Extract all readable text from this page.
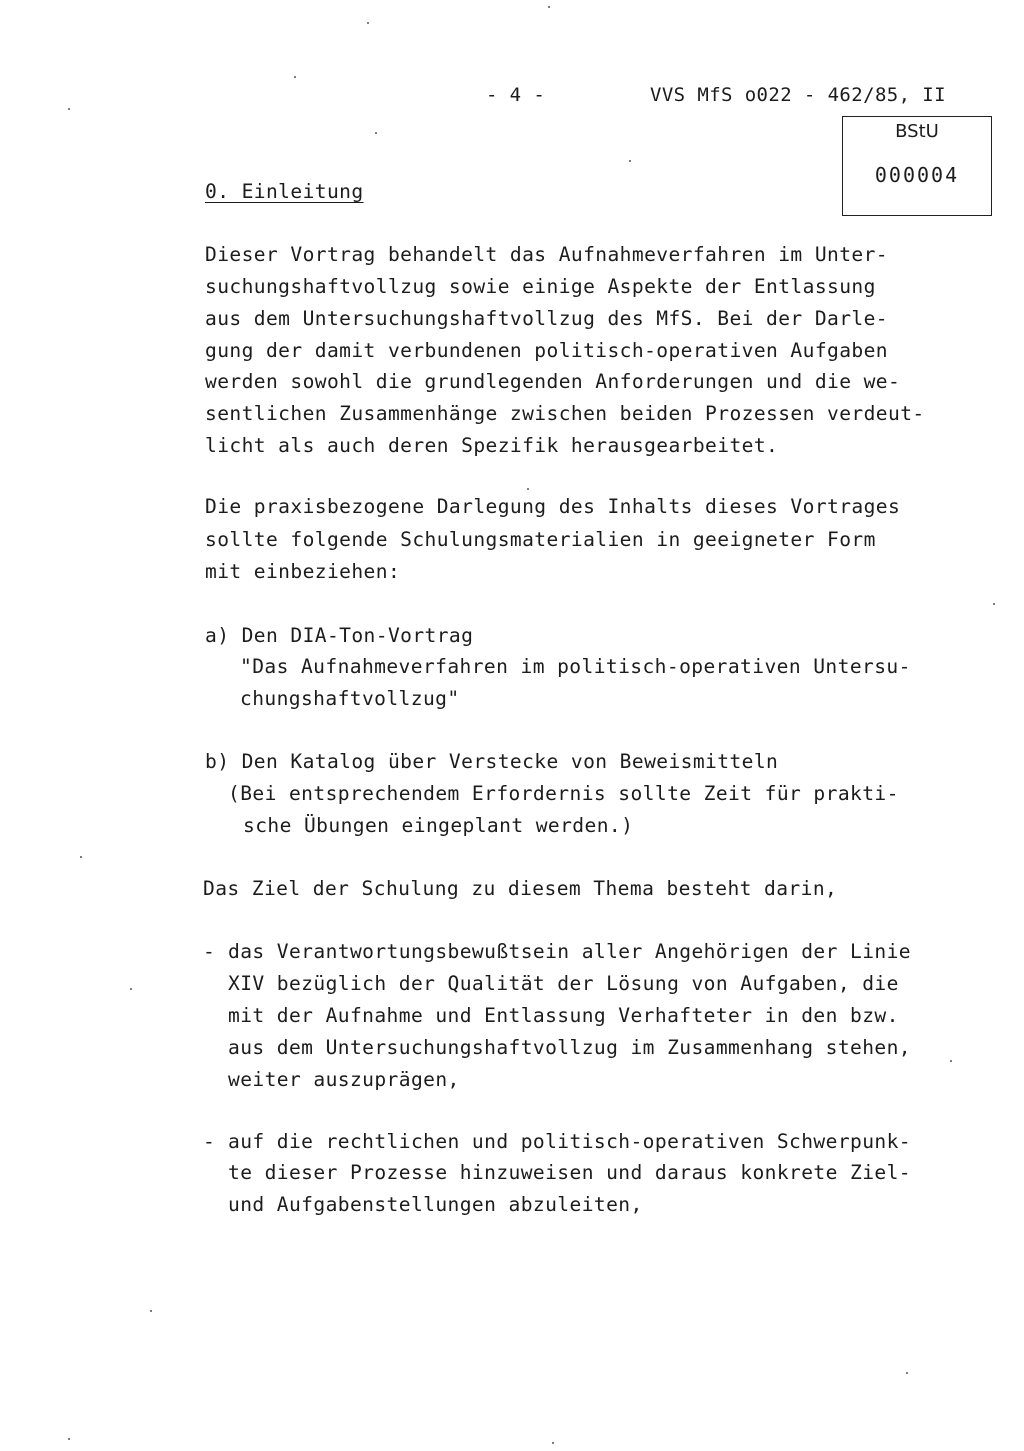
- 4 -	VVS MfS o022 - 462/85, II
BStU
000004
0. Einleitung
Dieser Vortrag behandelt das Aufnahmeverfahren im Unter-
suchungshaftvollzug sowie einige Aspekte der Entlassung
aus dem Untersuchungshaftvollzug des MfS. Bei der Darle-
gung der damit verbundenen politisch-operativen Aufgaben
werden sowohl die grundlegenden Anforderungen und die we-
sentlichen Zusammenhänge zwischen beiden Prozessen verdeut-
licht als auch deren Spezifik herausgearbeitet.
Die praxisbezogene Darlegung des Inhalts dieses Vortrages
sollte folgende Schulungsmaterialien in geeigneter Form
mit einbeziehen:
a) Den DIA-Ton-Vortrag
"Das Aufnahmeverfahren im politisch-operativen Untersu-
chungshaftvollzug"
b) Den Katalog über Verstecke von Beweismitteln
(Bei entsprechendem Erfordernis sollte Zeit für prakti-
sche Übungen eingeplant werden.)
Das Ziel der Schulung zu diesem Thema besteht darin,
- das Verantwortungsbewußtsein aller Angehörigen der Linie
XIV bezüglich der Qualität der Lösung von Aufgaben, die
mit der Aufnahme und Entlassung Verhafteter in den bzw.
aus dem Untersuchungshaftvollzug im Zusammenhang stehen,
weiter auszuprägen,
- auf die rechtlichen und politisch-operativen Schwerpunk-
te dieser Prozesse hinzuweisen und daraus konkrete Ziel-
und Aufgabenstellungen abzuleiten,
